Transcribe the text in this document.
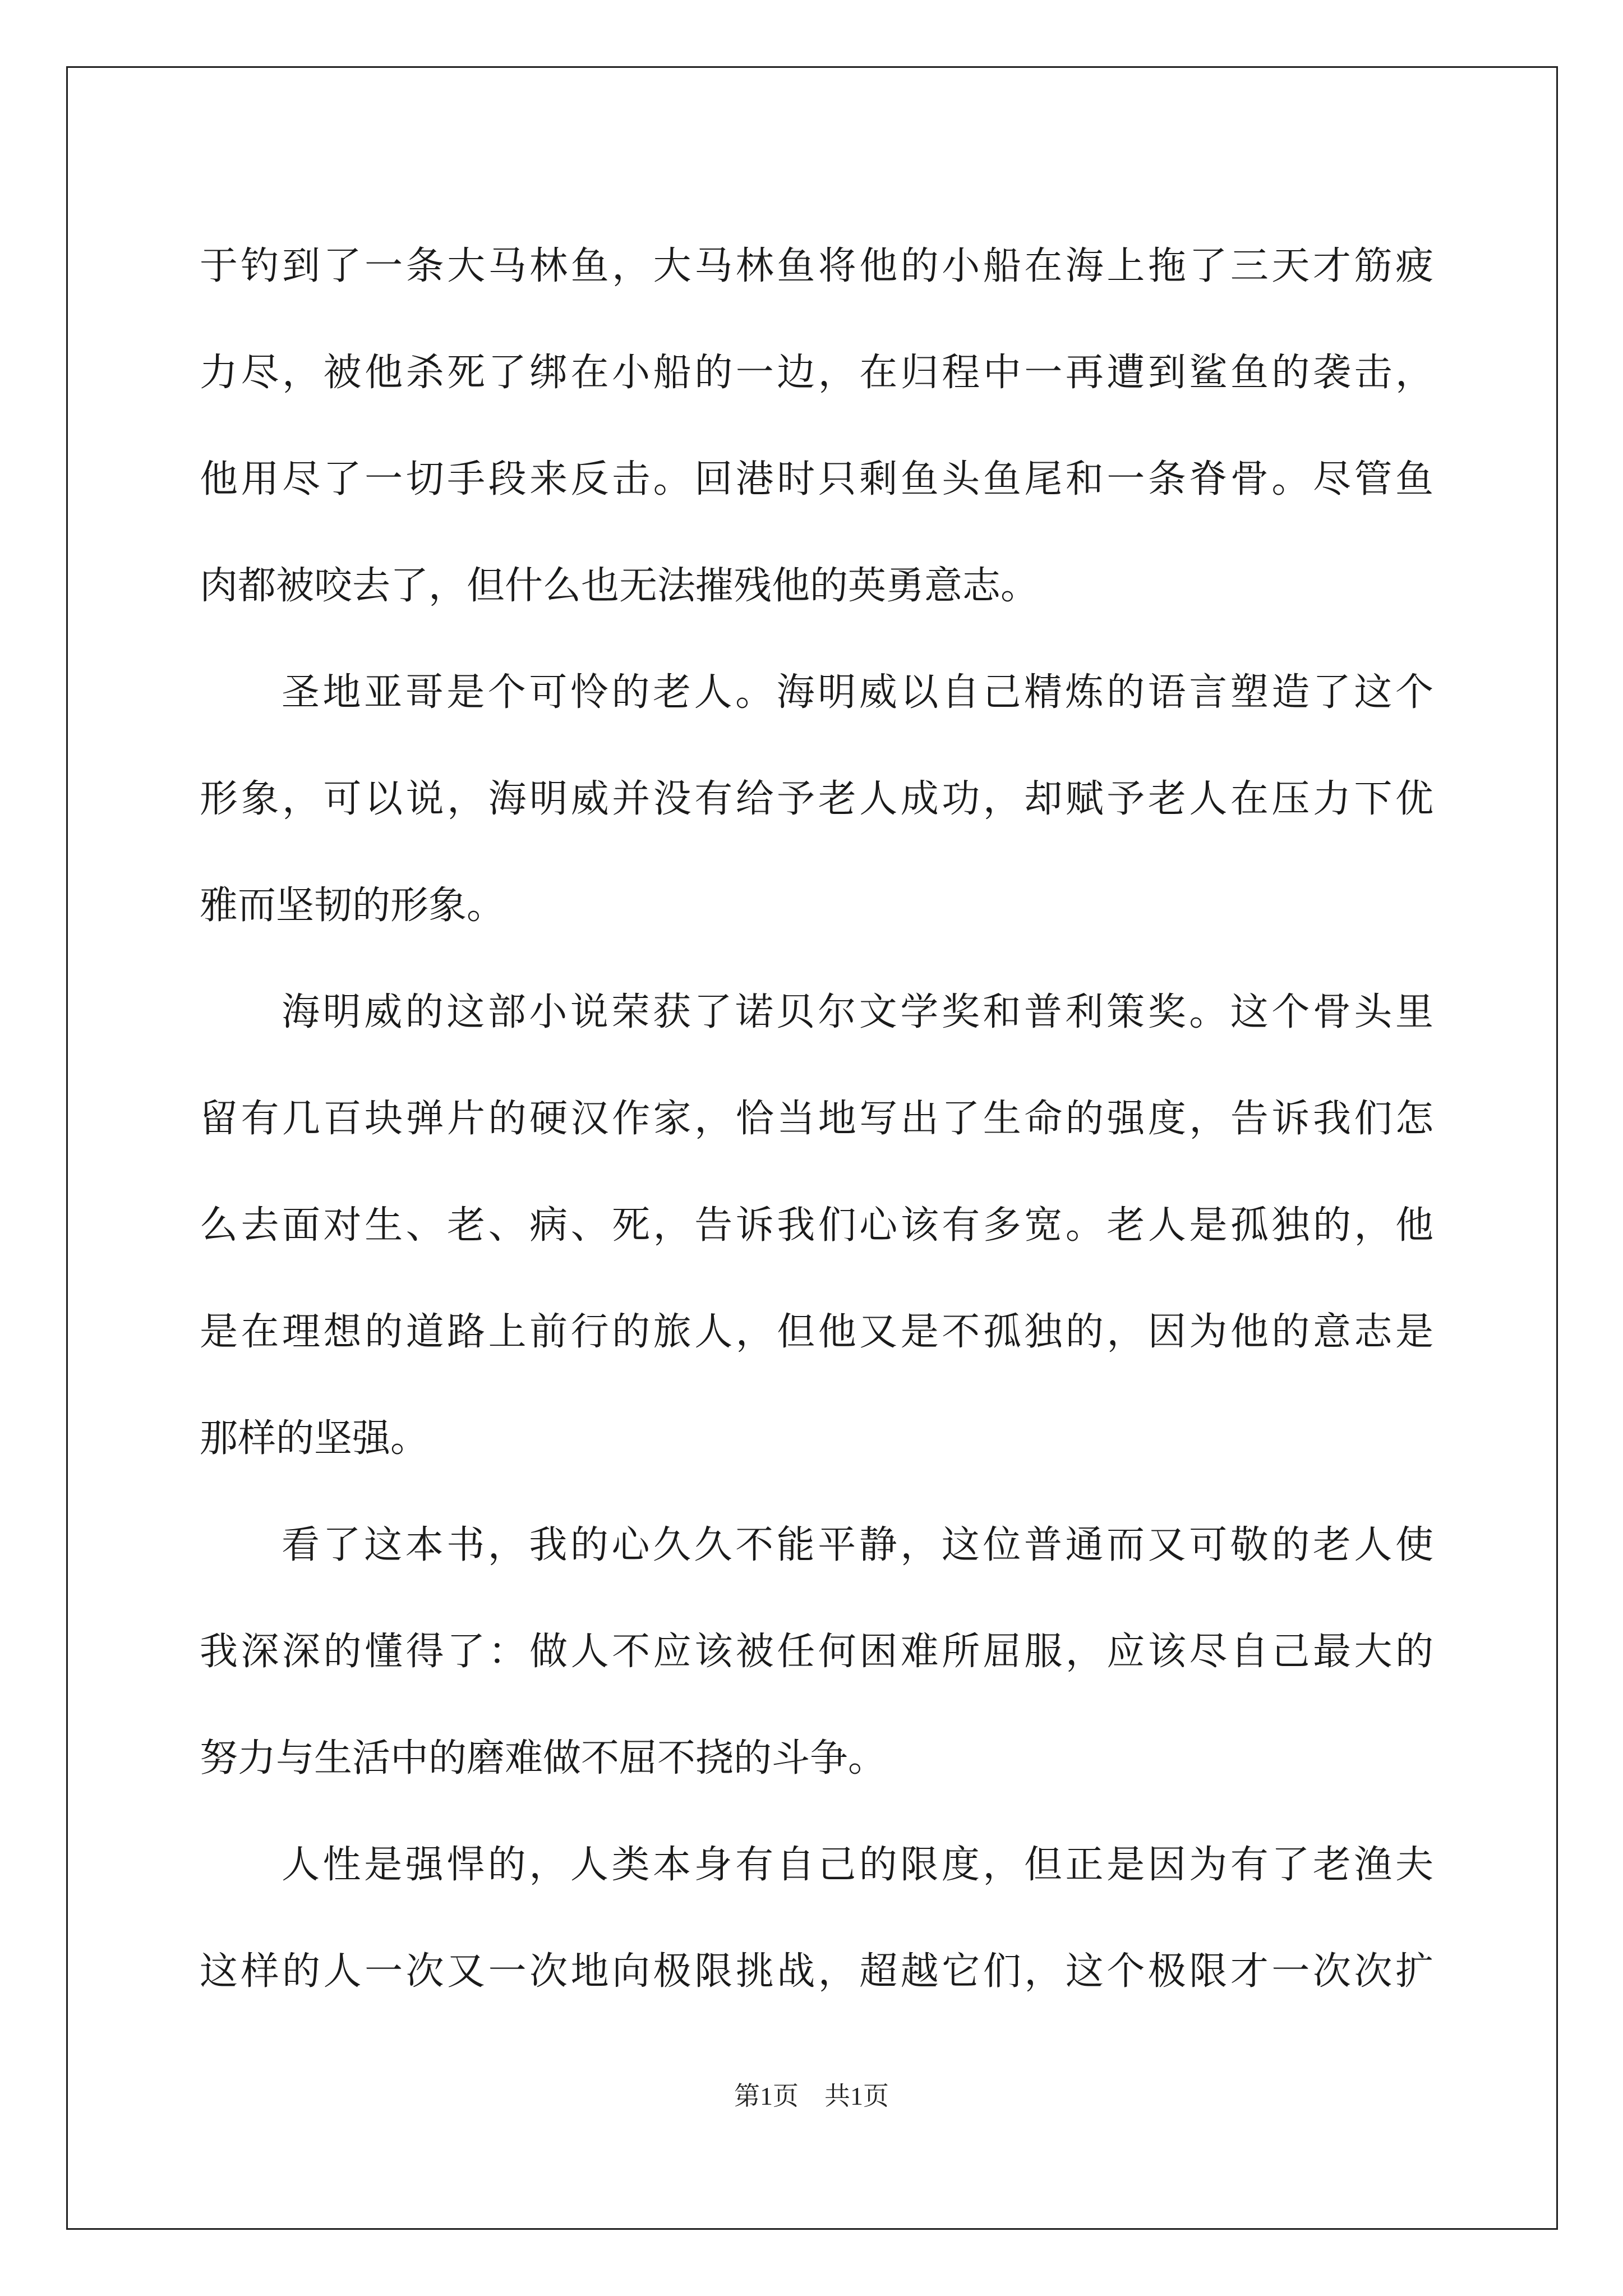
于钓到了一条大马林鱼，大马林鱼将他的小船在海上拖了三天才筋疲
力尽，被他杀死了绑在小船的一边，在归程中一再遭到鲨鱼的袭击，
他用尽了一切手段来反击。回港时只剩鱼头鱼尾和一条脊骨。尽管鱼
肉都被咬去了，但什么也无法摧残他的英勇意志。
圣地亚哥是个可怜的老人。海明威以自己精炼的语言塑造了这个
形象，可以说，海明威并没有给予老人成功，却赋予老人在压力下优
雅而坚韧的形象。
海明威的这部小说荣获了诺贝尔文学奖和普利策奖。这个骨头里
留有几百块弹片的硬汉作家，恰当地写出了生命的强度，告诉我们怎
么去面对生、老、病、死，告诉我们心该有多宽。老人是孤独的，他
是在理想的道路上前行的旅人，但他又是不孤独的，因为他的意志是
那样的坚强。
看了这本书，我的心久久不能平静，这位普通而又可敬的老人使
我深深的懂得了：做人不应该被任何困难所屈服，应该尽自己最大的
努力与生活中的磨难做不屈不挠的斗争。
人性是强悍的，人类本身有自己的限度，但正是因为有了老渔夫
这样的人一次又一次地向极限挑战，超越它们，这个极限才一次次扩
第1页 共1页
